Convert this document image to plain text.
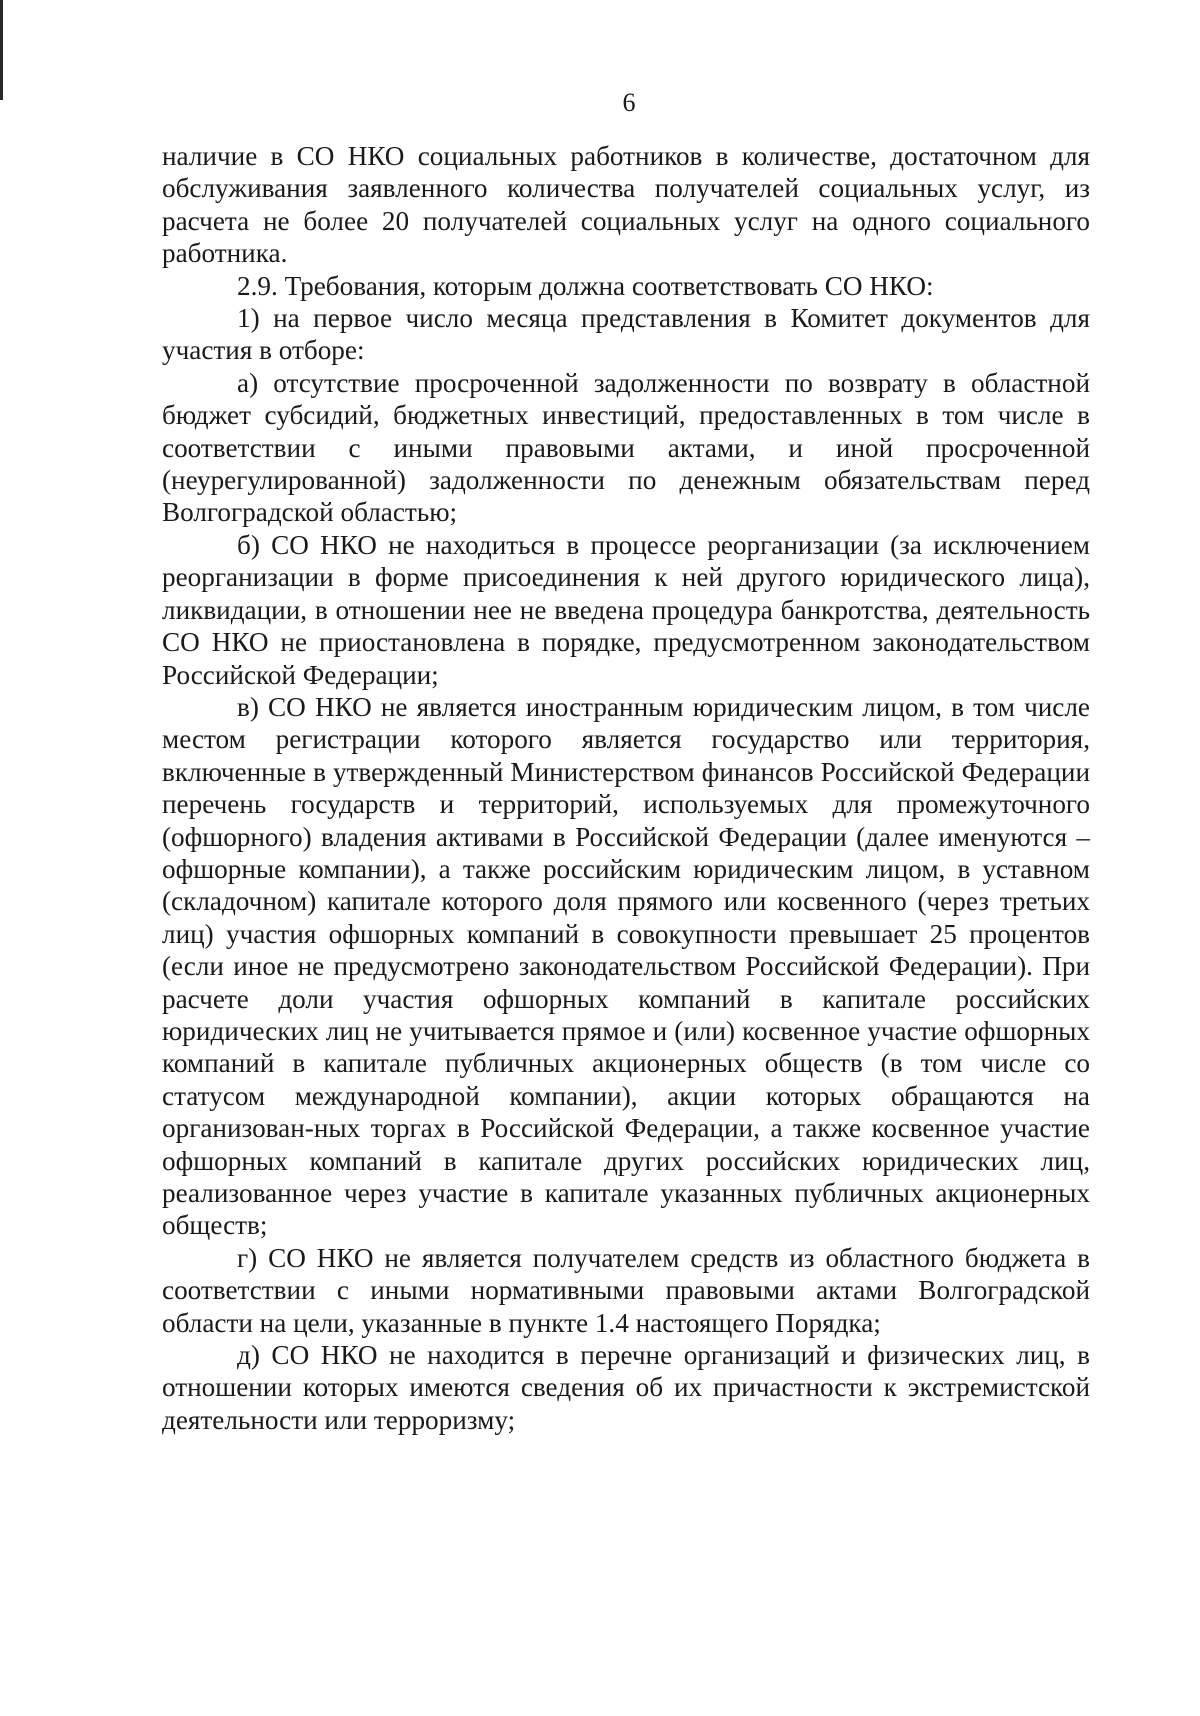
6

наличие в СО НКО социальных работников в количестве, достаточном для обслуживания заявленного количества получателей социальных услуг, из расчета не более 20 получателей социальных услуг на одного социального работника.

2.9. Требования, которым должна соответствовать СО НКО:

1) на первое число месяца представления в Комитет документов для участия в отборе:

а) отсутствие просроченной задолженности по возврату в областной бюджет субсидий, бюджетных инвестиций, предоставленных в том числе в соответствии с иными правовыми актами, и иной просроченной (неурегулированной) задолженности по денежным обязательствам перед Волгоградской областью;

б) СО НКО не находиться в процессе реорганизации (за исключением реорганизации в форме присоединения к ней другого юридического лица), ликвидации, в отношении нее не введена процедура банкротства, деятельность СО НКО не приостановлена в порядке, предусмотренном законодательством Российской Федерации;

в) СО НКО не является иностранным юридическим лицом, в том числе местом регистрации которого является государство или территория, включенные в утвержденный Министерством финансов Российской Федерации перечень государств и территорий, используемых для промежуточного (офшорного) владения активами в Российской Федерации (далее именуются – офшорные компании), а также российским юридическим лицом, в уставном (складочном) капитале которого доля прямого или косвенного (через третьих лиц) участия офшорных компаний в совокупности превышает 25 процентов (если иное не предусмотрено законодательством Российской Федерации). При расчете доли участия офшорных компаний в капитале российских юридических лиц не учитывается прямое и (или) косвенное участие офшорных компаний в капитале публичных акционерных обществ (в том числе со статусом международной компании), акции которых обращаются на организован-ных торгах в Российской Федерации, а также косвенное участие офшорных компаний в капитале других российских юридических лиц, реализованное через участие в капитале указанных публичных акционерных обществ;

г) СО НКО не является получателем средств из областного бюджета в соответствии с иными нормативными правовыми актами Волгоградской области на цели, указанные в пункте 1.4 настоящего Порядка;

д) СО НКО не находится в перечне организаций и физических лиц, в отношении которых имеются сведения об их причастности к экстремистской деятельности или терроризму;
